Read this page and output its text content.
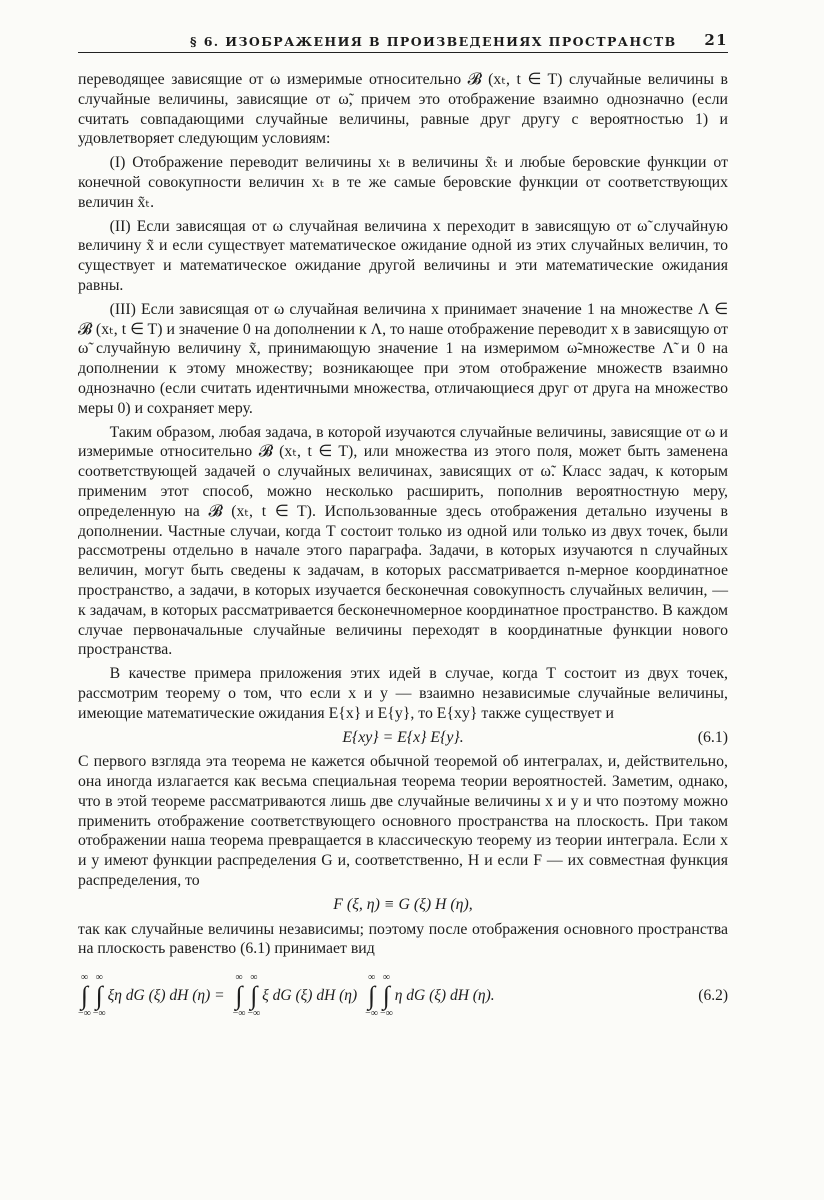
§ 6. ИЗОБРАЖЕНИЯ В ПРОИЗВЕДЕНИЯХ ПРОСТРАНСТВ 21

переводящее зависящие от ω измеримые относительно 𝓑 (xₜ, t ∈ T) случайные величины в случайные величины, зависящие от ω̃, причем это отображение взаимно однозначно (если считать совпадающими случайные величины, равные друг другу с вероятностью 1) и удовлетворяет следующим условиям:

(I) Отображение переводит величины xₜ в величины x̃ₜ и любые беровские функции от конечной совокупности величин xₜ в те же самые беровские функции от соответствующих величин x̃ₜ.

(II) Если зависящая от ω случайная величина x переходит в зависящую от ω̃ случайную величину x̃ и если существует математическое ожидание одной из этих случайных величин, то существует и математическое ожидание другой величины и эти математические ожидания равны.

(III) Если зависящая от ω случайная величина x принимает значение 1 на множестве Λ ∈ 𝓑 (xₜ, t ∈ T) и значение 0 на дополнении к Λ, то наше отображение переводит x в зависящую от ω̃ случайную величину x̃, принимающую значение 1 на измеримом ω̃-множестве Λ̃ и 0 на дополнении к этому множеству; возникающее при этом отображение множеств взаимно однозначно (если считать идентичными множества, отличающиеся друг от друга на множество меры 0) и сохраняет меру.

Таким образом, любая задача, в которой изучаются случайные величины, зависящие от ω и измеримые относительно 𝓑 (xₜ, t ∈ T), или множества из этого поля, может быть заменена соответствующей задачей о случайных величинах, зависящих от ω̃. Класс задач, к которым применим этот способ, можно несколько расширить, пополнив вероятностную меру, определенную на 𝓑 (xₜ, t ∈ T). Использованные здесь отображения детально изучены в дополнении. Частные случаи, когда T состоит только из одной или только из двух точек, были рассмотрены отдельно в начале этого параграфа. Задачи, в которых изучаются n случайных величин, могут быть сведены к задачам, в которых рассматривается n-мерное координатное пространство, а задачи, в которых изучается бесконечная совокупность случайных величин, — к задачам, в которых рассматривается бесконечномерное координатное пространство. В каждом случае первоначальные случайные величины переходят в координатные функции нового пространства.

В качестве примера приложения этих идей в случае, когда T состоит из двух точек, рассмотрим теорему о том, что если x и y — взаимно независимые случайные величины, имеющие математические ожидания E{x} и E{y}, то E{xy} также существует и

E{xy} = E{x} E{y}.	(6.1)

С первого взгляда эта теорема не кажется обычной теоремой об интегралах, и, действительно, она иногда излагается как весьма специальная теорема теории вероятностей. Заметим, однако, что в этой теореме рассматриваются лишь две случайные величины x и y и что поэтому можно применить отображение соответствующего основного пространства на плоскость. При таком отображении наша теорема превращается в классическую теорему из теории интеграла. Если x и y имеют функции распределения G и, соответственно, H и если F — их совместная функция распределения, то

F (ξ, η) ≡ G (ξ) H (η),

так как случайные величины независимы; поэтому после отображения основного пространства на плоскость равенство (6.1) принимает вид

∞
∫
−∞
∞
∫
−∞
ξη dG (ξ) dH (η) =
∞
∫
−∞
∞
∫
−∞
ξ dG (ξ) dH (η)
∞
∫
−∞
∞
∫
−∞
η dG (ξ) dH (η).	(6.2)
